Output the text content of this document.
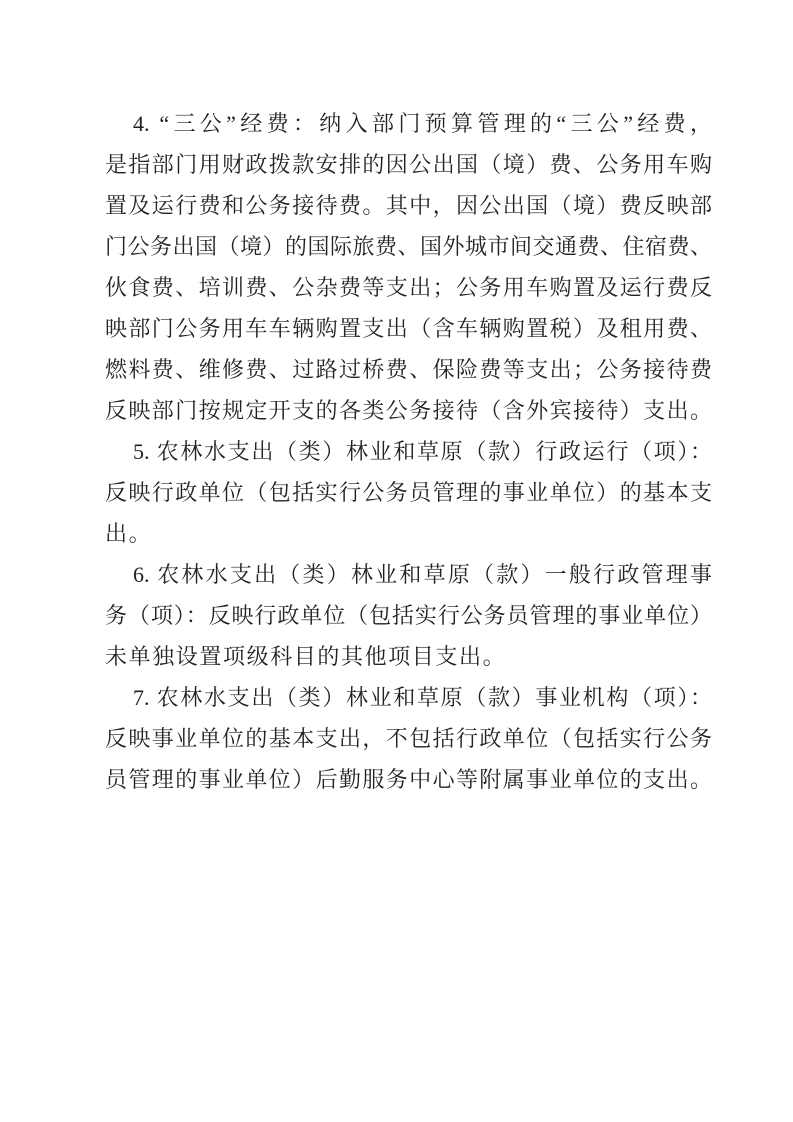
4. “三公”经费：纳入部门预算管理的“三公”经费，
是指部门用财政拨款安排的因公出国（境）费、公务用车购
置及运行费和公务接待费。其中，因公出国（境）费反映部
门公务出国（境）的国际旅费、国外城市间交通费、住宿费、
伙食费、培训费、公杂费等支出；公务用车购置及运行费反
映部门公务用车车辆购置支出（含车辆购置税）及租用费、
燃料费、维修费、过路过桥费、保险费等支出；公务接待费
反映部门按规定开支的各类公务接待（含外宾接待）支出。
5. 农林水支出（类）林业和草原（款）行政运行（项）：
反映行政单位（包括实行公务员管理的事业单位）的基本支
出。
6. 农林水支出（类）林业和草原（款）一般行政管理事
务（项）：反映行政单位（包括实行公务员管理的事业单位）
未单独设置项级科目的其他项目支出。
7. 农林水支出（类）林业和草原（款）事业机构（项）：
反映事业单位的基本支出，不包括行政单位（包括实行公务
员管理的事业单位）后勤服务中心等附属事业单位的支出。
